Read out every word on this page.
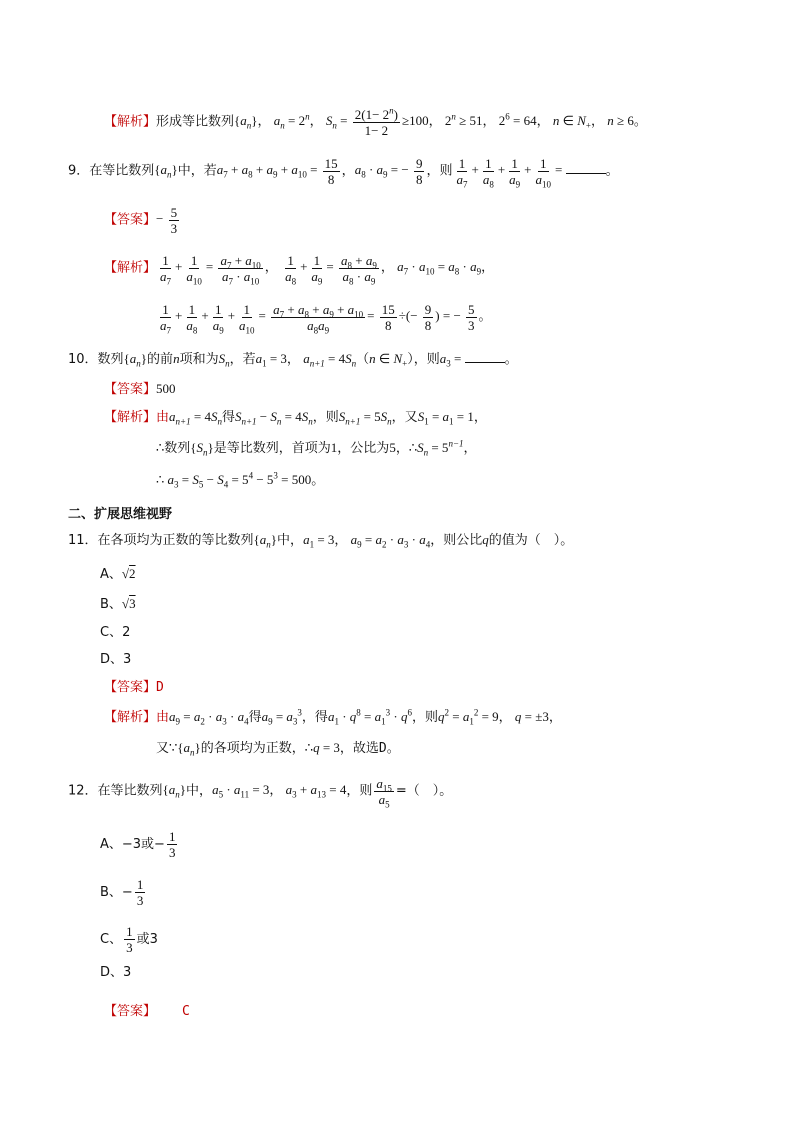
【解析】形成等比数列$\{a_n\}$， $a_n = 2^n$， $S_n = \frac{2(1- 2^n)}{1- 2} \ge 100$， $2^n \ge 51$， $2^6 = 64$， n ∈ $N_+$， n ≥ 6。
9．在等比数列$\{a_n\}$中，若$a_7 + a_8 + a_9 + a_{10} = \frac{15}{8}$ ，$a_8 \cdot a_9$ = − $\frac{9}{8}$ ，则 $\frac{1}{a_7} + \frac{1}{a_8} + \frac{1}{a_9} + \frac{1}{a_{10}}$ =	。
【答案】− $\frac{5}{3}$
【解析】 $\frac{1}{a_7} + \frac{1}{a_{10}} = \frac{a_7 + a_{10}}{a_7 \cdot a_{10}}$ ， $\frac{1}{a_8} + \frac{1}{a_9} = \frac{a_8 + a_9}{a_8 \cdot a_9}$ ， $a_7 \cdot a_{10} = a_8 \cdot a_9$，
$\frac{1}{a_7} + \frac{1}{a_8} + \frac{1}{a_9} + \frac{1}{a_{10}} = \frac{a_7 + a_8 + a_9 + a_{10}}{a_8a_9} = \frac{15}{8}$ ÷(− $\frac{9}{8}$ ) = − $\frac{5}{3}$ 。
10．数列$\{a_n\}$的前n项和为$S_n$，若$a_1 = 3$， $a_{n+1} = 4S_n(n$ ∈ $N_+$），则$a_3$ =	。
【答案】500
【解析】由$a_{n+1} = 4S_n$得$S_{n+1} - S_n = 4S_n$，则$S_{n+1} = 5S_n$，又$S_1 = a_1 = 1$，
∴数列$\{S_n\}$是等比数列，首项为1，公比为5，$\therefore S_n = 5^{n-1}$，
∴ $a_3 = S_5 - S_4 = 5^4 - 5^3 = 500$。
二、扩展思维视野
11．在各项均为正数的等比数列$\{a_n\}$中，$a_1 = 3$， $a_9 = a_2 \cdot a_3 \cdot a_4$，则公比q的值为（　）。
A、√2
B、√3
C、2
D、3
【答案】D
【解析】由$a_9 = a_2 \cdot a_3 \cdot a_4$得$a_9 = a_3^3$，得$a_1 \cdot q^8 = a_1^3 \cdot q^6$，则$q^2 = a_1^2 = 9$， q = ±3，
又$\because\{a_n\}$的各项均为正数，∴q = 3，故选D。
12．在等比数列$\{a_n\}$中，$a_5 \cdot a_{11} = 3$， $a_3 + a_{13} = 4$，则 $\frac{a_{15}}{a_5}$ =（　）。
A、−3或− $\frac{1}{3}$
B、− $\frac{1}{3}$
C、 $\frac{1}{3}$ 或3
D、3
【答案】 C
